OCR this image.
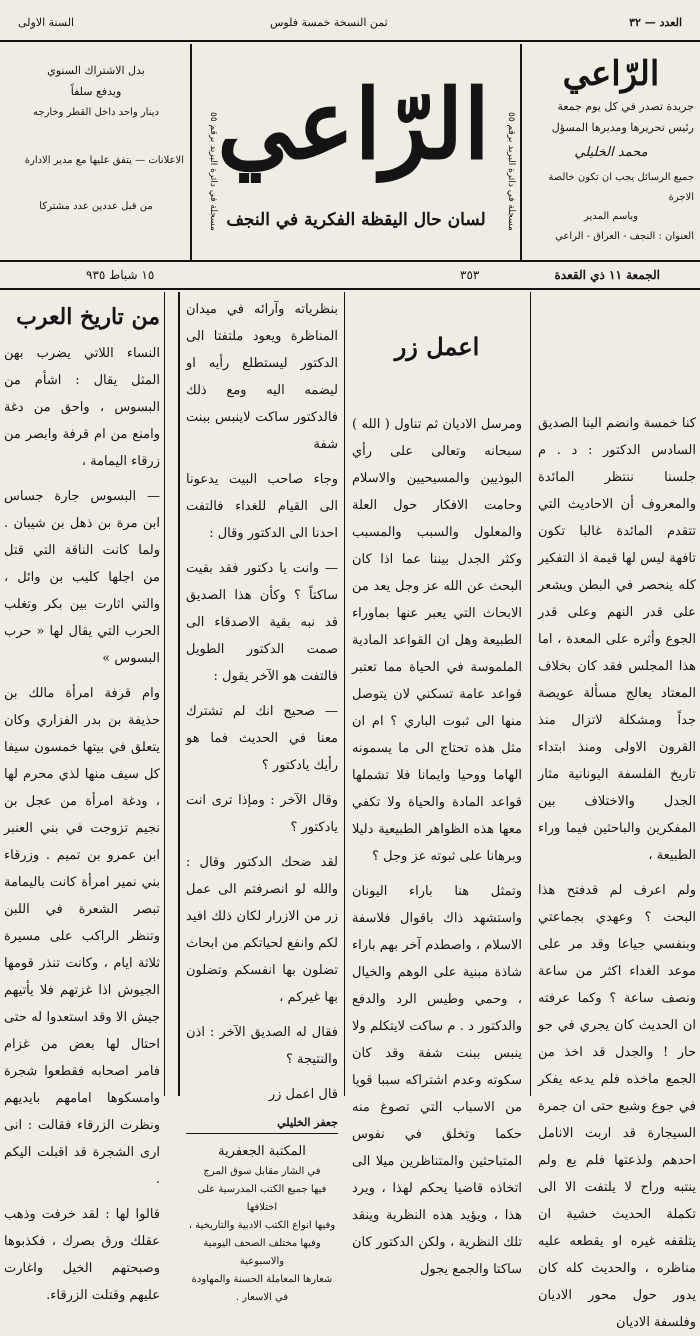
العدد — ٣٢
ثمن النسخة خمسة فلوس
السنة الاولى
الرّاعي
جريدة تصدر في كل يوم جمعة
رئيس تحريرها ومديرها المسؤل
محمد الخليلي
جميع الرسائل يجب ان تكون خالصة الاجرة
وباسم المدير
العنوان : النجف - العراق - الراعي
مسجلة في دائرة البريد برقم ٥٥
مسجلة في دائرة البريد برقم ٥٥ الرّاعي
لسان حال اليقظة الفكرية في النجف
بدل الاشتراك السنوي
ويدفع سلفاً
دينار واحد داخل القطر وخارجه
الاعلانات — يتفق عليها مع مدير الادارة
من قبل عددين عدد مشتركا
الجمعة ١١ ذي القعدة
٣٥٣
١٥ شباط ٩٣٥

كنا خمسة وانضم الينا الصديق السادس الدكتور : د . م جلسنا ننتظر المائدة والمعروف أن الاحاديث التي تتقدم المائدة غالبا تكون تافهة ليس لها قيمة اذ التفكير كله ينحصر في البطن ويشعر على قدر النهم وعلى قدر الجوع وأثره على المعدة ، اما هذا المجلس فقد كان بخلاف المعتاد يعالج مسألة عويصة جداً ومشكلة لاتزال منذ القرون الاولى ومنذ ابتداء تاريخ الفلسفة اليونانية مثار الجدل والاختلاف بين المفكرين والباحثين فيما وراء الطبيعة ،

ولم اعرف لم قدفتح هذا البحث ؟ وعهدي بجماعتي وبنفسي جياعا وقد مر على موعد الغداء اكثر من ساعة ونصف ساعة ؟ وكما عرفته ان الحديث كان يجري في جو حار ! والجدل قد اخذ من الجمع ماخذه فلم يدعه يفكر في جوع وشبع حتى ان جمرة السيجارة قد اربت الانامل احدهم ولذعتها فلم يع ولم ينتبه وراح لا يلتفت الا الى تكملة الحديث خشية ان يتلقفه غيره او يقطعه عليه مناظره ، والحديث كله كان يدور حول محور الاديان وفلسفة الاديان

اعمل زر

ومرسل الاديان ثم تناول ( الله ) سبحانه وتعالى على رأي البوذيين والمسيحيين والاسلام وحامت الافكار حول العلة والمعلول والسبب والمسبب وكثر الجدل بيننا عما اذا كان البحث عن الله عز وجل يعد من الابحاث التي يعبر عنها بماوراء الطبيعة وهل ان القواعد المادية الملموسة في الحياة مما تعتبر قواعد عامة تسكني لان يتوصل منها الى ثبوت الباري ؟ ام ان مثل هذه تحتاج الى ما يسمونه الهاما ووحيا وايمانا فلا تشملها قواعد المادة والحياة ولا تكفي معها هذه الظواهر الطبيعية دليلا وبرهانا على ثبوته عز وجل ؟

وتمثل هنا باراء اليونان واستشهد ذاك باقوال فلاسفة الاسلام ، واصطدم آخر بهم باراء شاذة مبنية على الوهم والخيال ، وحمي وطيس الرد والدفع والدكتور د . م ساكت لايتكلم ولا ينبس ببنت شفة وقد كان سكوته وعدم اشتراكه سببا قويا من الاسباب التي تصوغ منه حكما وتخلق في نفوس المتباحثين والمتناظرين ميلا الى اتخاذه قاضيا يحكم لهذا ، ويرد هذا ، ويؤيد هذه النظرية وينقد تلك النظرية ، ولكن الدكتور كان ساكتا والجمع يجول

بنظرياته وآرائه في ميدان المناظرة ويعود ملتفتا الى الدكتور ليستطلع رأيه او ليضمه اليه ومع ذلك فالدكتور ساكت لاينبس ببنت شفة

وجاء صاحب البيت يدعونا الى القيام للغداء فالتفت احدنا الى الدكتور وقال :

— وانت يا دكتور فقد بقيت ساكتاً ؟ وكأن هذا الصديق قد نبه بقية الاصدقاء الى صمت الدكتور الطويل فالتفت هو الآخر يقول :

— صحيح انك لم تشترك معنا في الحديث فما هو رأيك يادكتور ؟

وقال الآخر : ومإذا ترى انت يادكتور ؟

لقد ضحك الدكتور وقال : والله لو انصرفتم الى عمل زر من الازرار لكان ذلك افيد لكم وانفع لحياتكم من ابحاث تضلون بها انفسكم وتضلون بها غيركم ،

فقال له الصديق الآخر : اذن والنتيجة ؟

قال اعمل زر

جعفر الخليلي
المكتبة الجعفرية

في الشار مقابل سوق المرج

فيها جميع الكتب المدرسية على اختلافها

وفيها انواع الكتب الادبية والتاريخية ،

وفيها مختلف الصحف اليومية والاسبوعية

شعارها المعاملة الحسنة والمهاودة في الاسعار .

من تاريخ العرب

النساء اللاتي يضرب بهن المثل يقال : اشأم من البسوس ، واحق من دغة وامنع من ام قرفة وابصر من زرقاء اليمامة ،

— البسوس جارة جساس ابن مرة بن ذهل بن شيبان . ولما كانت الناقة التي قتل من اجلها كليب بن وائل ، والتي اثارت بين بكر وتغلب الحرب التي يقال لها « حرب البسوس »

وام قرفة امرأة مالك بن حذيفة بن بدر الفزاري وكان يتعلق في بيتها خمسون سيفا كل سيف منها لذي محرم لها ، ودغة امرأة من عجل بن نجيم تزوجت في بني العنبر ابن عمرو بن تميم . وزرقاء بني نمير امرأة كانت باليمامة تبصر الشعرة في اللبن وتنظر الراكب على مسيرة ثلاثة ايام ، وكانت تنذر قومها الجيوش اذا غزتهم فلا يأتيهم جيش الا وقد استعدوا له حتى احتال لها بعض من غزام فامر اصحابه فقطعوا شجرة وامسكوها امامهم بايديهم ونظرت الزرقاء فقالت : انى ارى الشجرة قد اقبلت اليكم .

قالوا لها : لقد خرفت وذهب عقلك ورق بصرك ، فكذبوها وصبحتهم الخيل واغارت عليهم وقتلت الزرقاء.
